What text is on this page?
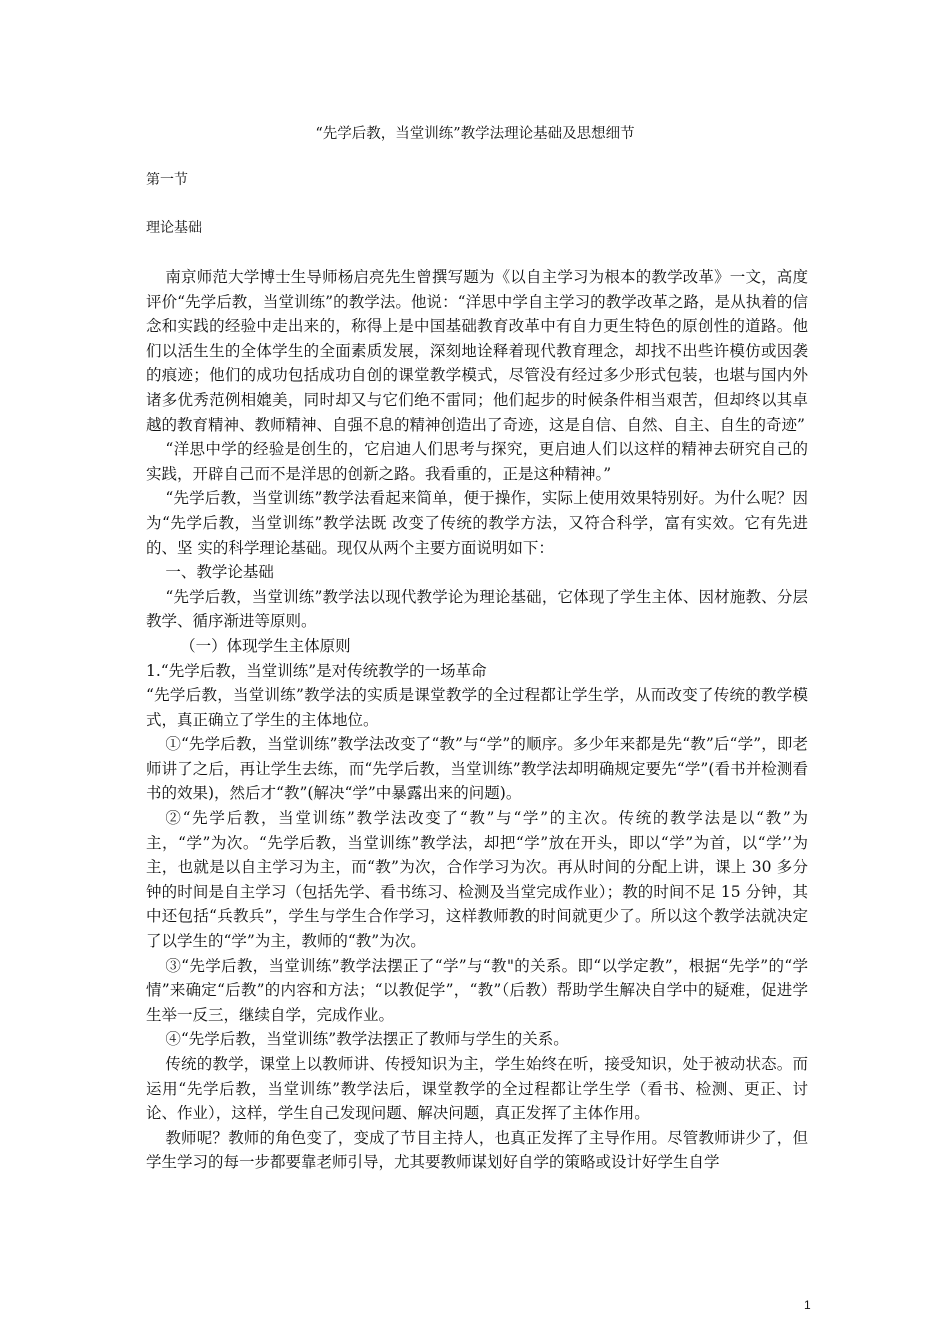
“先学后教，当堂训练”教学法理论基础及思想细节
第一节
理论基础

南京师范大学博士生导师杨启亮先生曾撰写题为《以自主学习为根本的教学改革》一文，高度评价“先学后教，当堂训练”的教学法。他说：“洋思中学自主学习的教学改革之路，是从执着的信念和实践的经验中走出来的，称得上是中国基础教育改革中有自力更生特色的原创性的道路。他们以活生生的全体学生的全面素质发展，深刻地诠释着现代教育理念，却找不出些许模仿或因袭的痕迹；他们的成功包括成功自创的课堂教学模式，尽管没有经过多少形式包装，也堪与国内外诸多优秀范例相媲美，同时却又与它们绝不雷同；他们起步的时候条件相当艰苦，但却终以其卓越的教育精神、教师精神、自强不息的精神创造出了奇迹，这是自信、自然、自主、自生的奇迹”

“洋思中学的经验是创生的，它启迪人们思考与探究，更启迪人们以这样的精神去研究自己的实践，开辟自己而不是洋思的创新之路。我看重的，正是这种精神。”

“先学后教，当堂训练”教学法看起来简单，便于操作，实际上使用效果特别好。为什么呢？因为“先学后教，当堂训练”教学法既 改变了传统的教学方法，又符合科学，富有实效。它有先进的、坚 实的科学理论基础。现仅从两个主要方面说明如下：

一、教学论基础

“先学后教，当堂训练”教学法以现代教学论为理论基础，它体现了学生主体、因材施教、分层教学、循序渐进等原则。

（一）体现学生主体原则

1.“先学后教，当堂训练”是对传统教学的一场革命

“先学后教，当堂训练”教学法的实质是课堂教学的全过程都让学生学，从而改变了传统的教学模式，真正确立了学生的主体地位。

①“先学后教，当堂训练”教学法改变了“教”与“学”的顺序。多少年来都是先“教”后“学”，即老师讲了之后，再让学生去练，而“先学后教，当堂训练”教学法却明确规定要先“学”(看书并检测看书的效果)，然后才“教”(解决“学”中暴露出来的问题)。

②“先学后教，当堂训练”教学法改变了“教”与“学”的主次。传统的教学法是以“教”为主，“学”为次。“先学后教，当堂训练”教学法，却把“学”放在开头，即以“学”为首，以“学’’为主，也就是以自主学习为主，而“教”为次，合作学习为次。再从时间的分配上讲，课上 30 多分钟的时间是自主学习（包括先学、看书练习、检测及当堂完成作业）；教的时间不足 15 分钟，其中还包括“兵教兵”，学生与学生合作学习，这样教师教的时间就更少了。所以这个教学法就决定了以学生的“学”为主，教师的“教”为次。

③“先学后教，当堂训练”教学法摆正了“学”与“教"的关系。即“以学定教”，根据“先学”的“学情”来确定“后教”的内容和方法；“以教促学”，“教”（后教）帮助学生解决自学中的疑难，促进学生举一反三，继续自学，完成作业。

④“先学后教，当堂训练”教学法摆正了教师与学生的关系。

传统的教学，课堂上以教师讲、传授知识为主，学生始终在听，接受知识，处于被动状态。而运用“先学后教，当堂训练”教学法后，课堂教学的全过程都让学生学（看书、检测、更正、讨论、作业），这样，学生自己发现问题、解决问题，真正发挥了主体作用。

教师呢？教师的角色变了，变成了节目主持人，也真正发挥了主导作用。尽管教师讲少了，但学生学习的每一步都要靠老师引导，尤其要教师谋划好自学的策略或设计好学生自学

1
